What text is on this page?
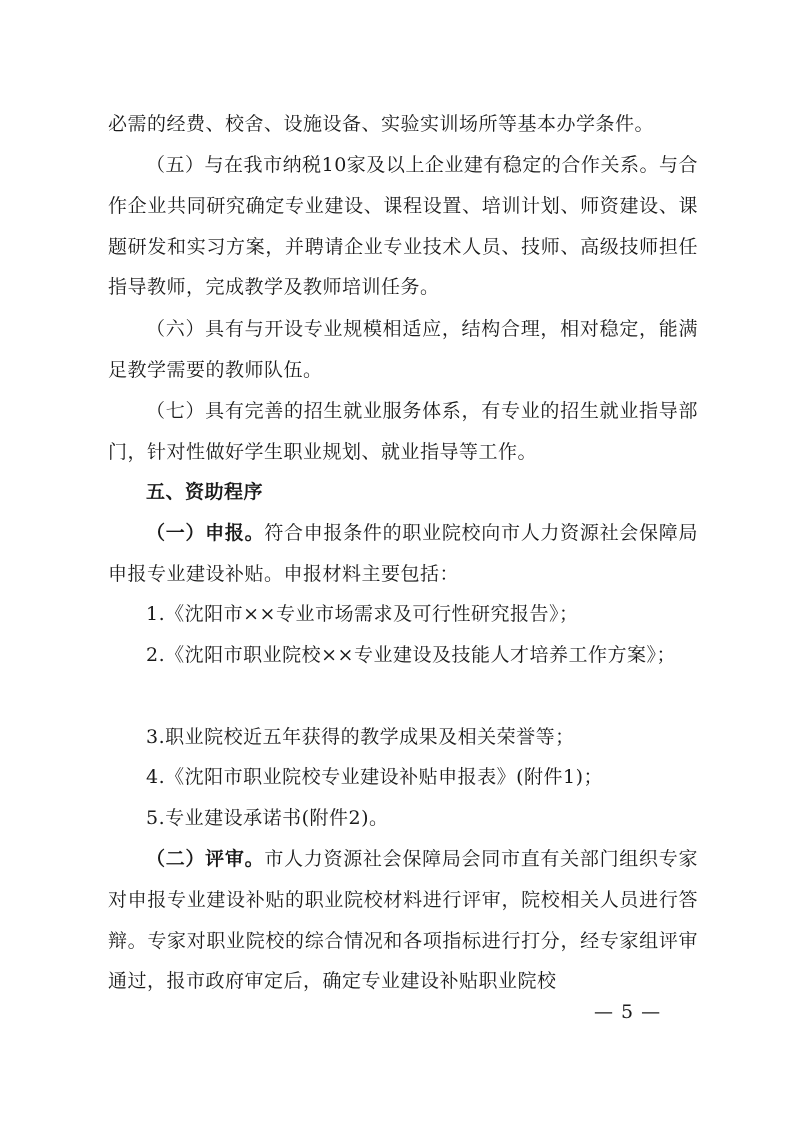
必需的经费、校舍、设施设备、实验实训场所等基本办学条件。
（五）与在我市纳税10家及以上企业建有稳定的合作关系。与合作企业共同研究确定专业建设、课程设置、培训计划、师资建设、课题研发和实习方案，并聘请企业专业技术人员、技师、高级技师担任指导教师，完成教学及教师培训任务。
（六）具有与开设专业规模相适应，结构合理，相对稳定，能满足教学需要的教师队伍。
（七）具有完善的招生就业服务体系，有专业的招生就业指导部门，针对性做好学生职业规划、就业指导等工作。
五、资助程序
（一）申报。符合申报条件的职业院校向市人力资源社会保障局申报专业建设补贴。申报材料主要包括：
1.《沈阳市××专业市场需求及可行性研究报告》；
2.《沈阳市职业院校××专业建设及技能人才培养工作方案》；
3.职业院校近五年获得的教学成果及相关荣誉等；
4.《沈阳市职业院校专业建设补贴申报表》(附件1)；
5.专业建设承诺书(附件2)。
（二）评审。市人力资源社会保障局会同市直有关部门组织专家对申报专业建设补贴的职业院校材料进行评审，院校相关人员进行答辩。专家对职业院校的综合情况和各项指标进行打分，经专家组评审通过，报市政府审定后，确定专业建设补贴职业院校
— 5 —
